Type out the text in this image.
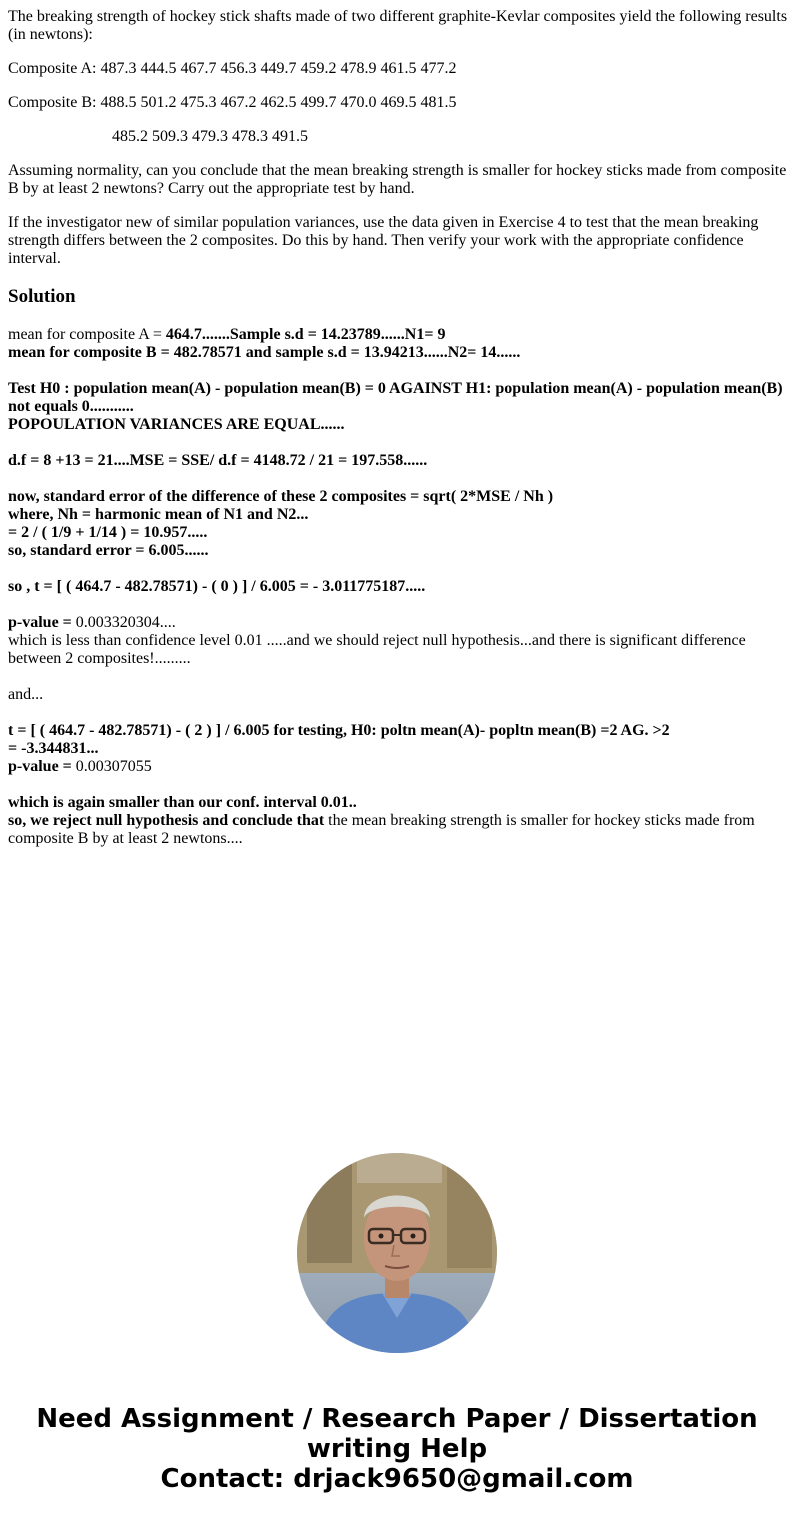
The breaking strength of hockey stick shafts made of two different graphite-Kevlar composites yield the following results (in newtons):

Composite A: 487.3 444.5 467.7 456.3 449.7 459.2 478.9 461.5 477.2

Composite B: 488.5 501.2 475.3 467.2 462.5 499.7 470.0 469.5 481.5

485.2 509.3 479.3 478.3 491.5

Assuming normality, can you conclude that the mean breaking strength is smaller for hockey sticks made from composite B by at least 2 newtons? Carry out the appropriate test by hand.

If the investigator new of similar population variances, use the data given in Exercise 4 to test that the mean breaking strength differs between the 2 composites. Do this by hand. Then verify your work with the appropriate confidence interval.

Solution
mean for composite A = 464.7.......Sample s.d = 14.23789......N1= 9
mean for composite B = 482.78571 and sample s.d = 13.94213......N2= 14......
Test H0 : population mean(A) - population mean(B) = 0 AGAINST H1: population mean(A) - population mean(B) not equals 0...........
POPOULATION VARIANCES ARE EQUAL......
d.f = 8 +13 = 21....MSE = SSE/ d.f = 4148.72 / 21 = 197.558......
now, standard error of the difference of these 2 composites = sqrt( 2*MSE / Nh )
where, Nh = harmonic mean of N1 and N2...
= 2 / ( 1/9 + 1/14 ) = 10.957.....
so, standard error = 6.005......
so , t = [ ( 464.7 - 482.78571) - ( 0 ) ] / 6.005 = - 3.011775187.....
p-value = 0.003320304....
which is less than confidence level 0.01 .....and we should reject null hypothesis...and there is significant difference between 2 composites!.........
and...
t = [ ( 464.7 - 482.78571) - ( 2 ) ] / 6.005 for testing, H0: poltn mean(A)- popltn mean(B) =2 AG. >2
= -3.344831...
p-value = 0.00307055
which is again smaller than our conf. interval 0.01..
so, we reject null hypothesis and conclude that the mean breaking strength is smaller for hockey sticks made from composite B by at least 2 newtons....
Need Assignment / Research Paper / Dissertation
writing Help
Contact: drjack9650@gmail.com
